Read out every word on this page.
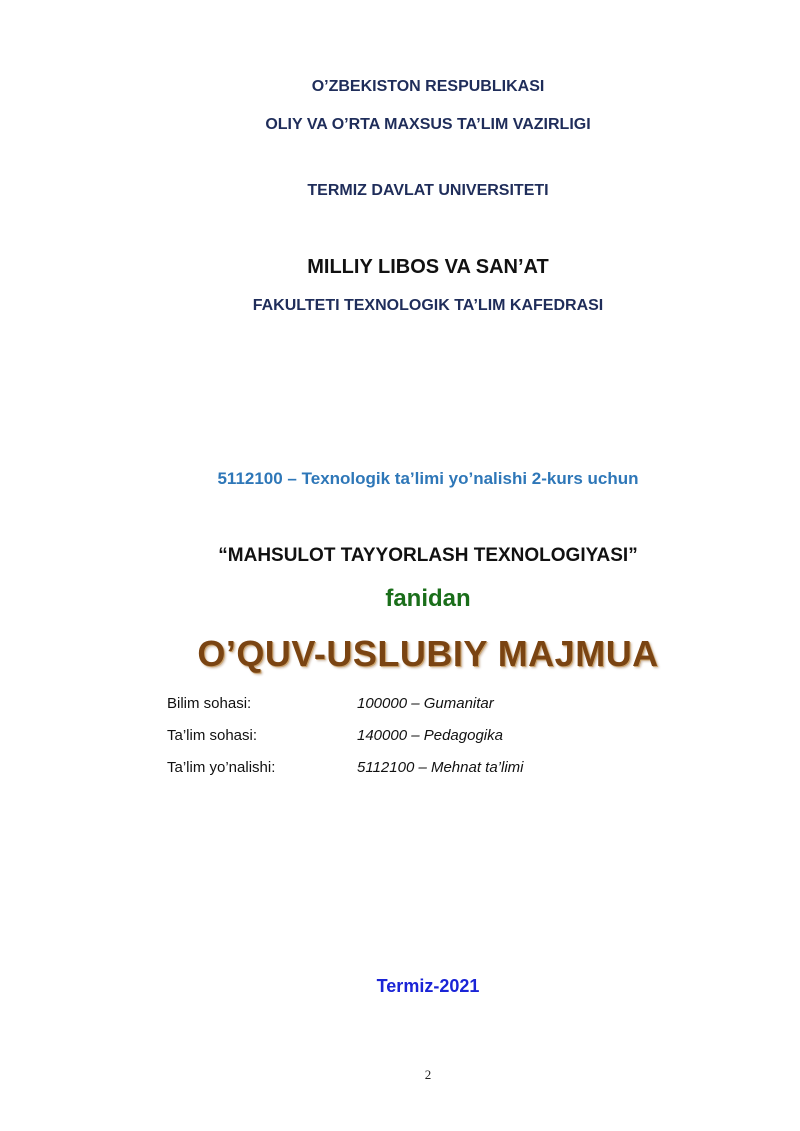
O’ZBEKISTON RESPUBLIKASI
OLIY VA O’RTA MAXSUS TA’LIM VAZIRLIGI
TERMIZ DAVLAT UNIVERSITETI
MILLIY LIBOS VA SAN’AT
FAKULTETI TEXNOLOGIK TA’LIM KAFEDRASI
5112100 – Texnologik ta’limi yo’nalishi 2-kurs uchun
“MAHSULOT TAYYORLASH TEXNOLOGIYASI”
fanidan
O’QUV-USLUBIY MAJMUA
Bilim sohasi:	100000 – Gumanitar
Ta’lim sohasi:	140000 – Pedagogika
Ta’lim yo’nalishi:	5112100 – Mehnat ta’limi
Termiz-2021
2
